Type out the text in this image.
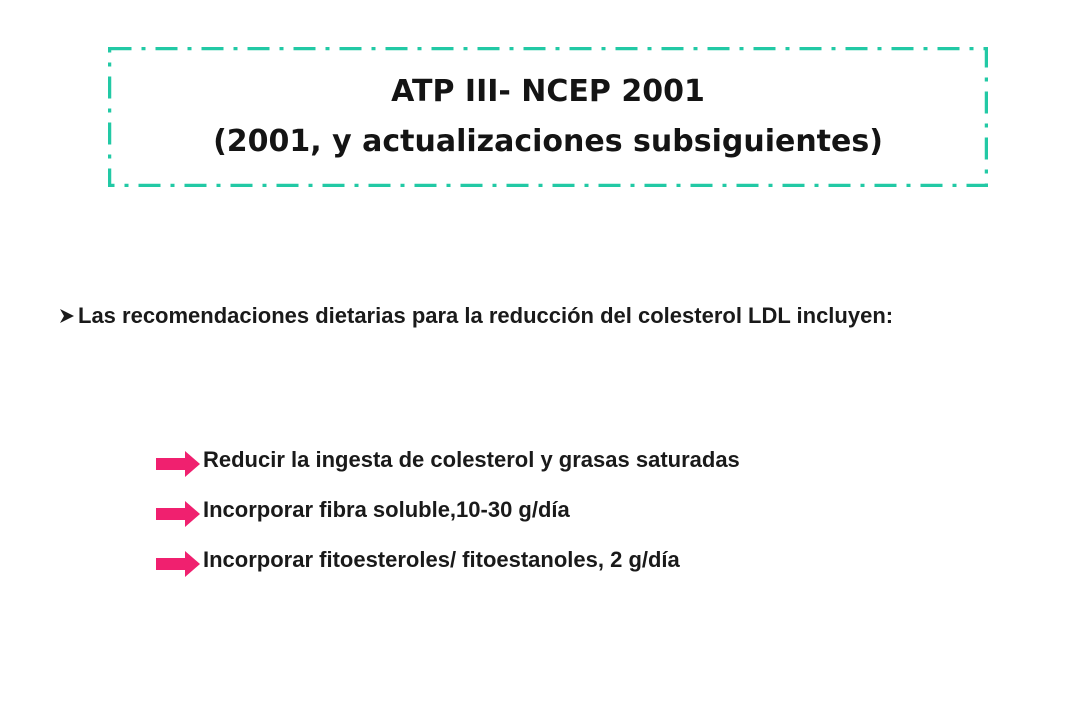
ATP III- NCEP 2001
(2001, y actualizaciones subsiguientes)
Las recomendaciones dietarias para la reducción del colesterol LDL incluyen:
Reducir la ingesta de colesterol y grasas saturadas
Incorporar fibra soluble,10-30 g/día
Incorporar fitoesteroles/ fitoestanoles, 2 g/día
